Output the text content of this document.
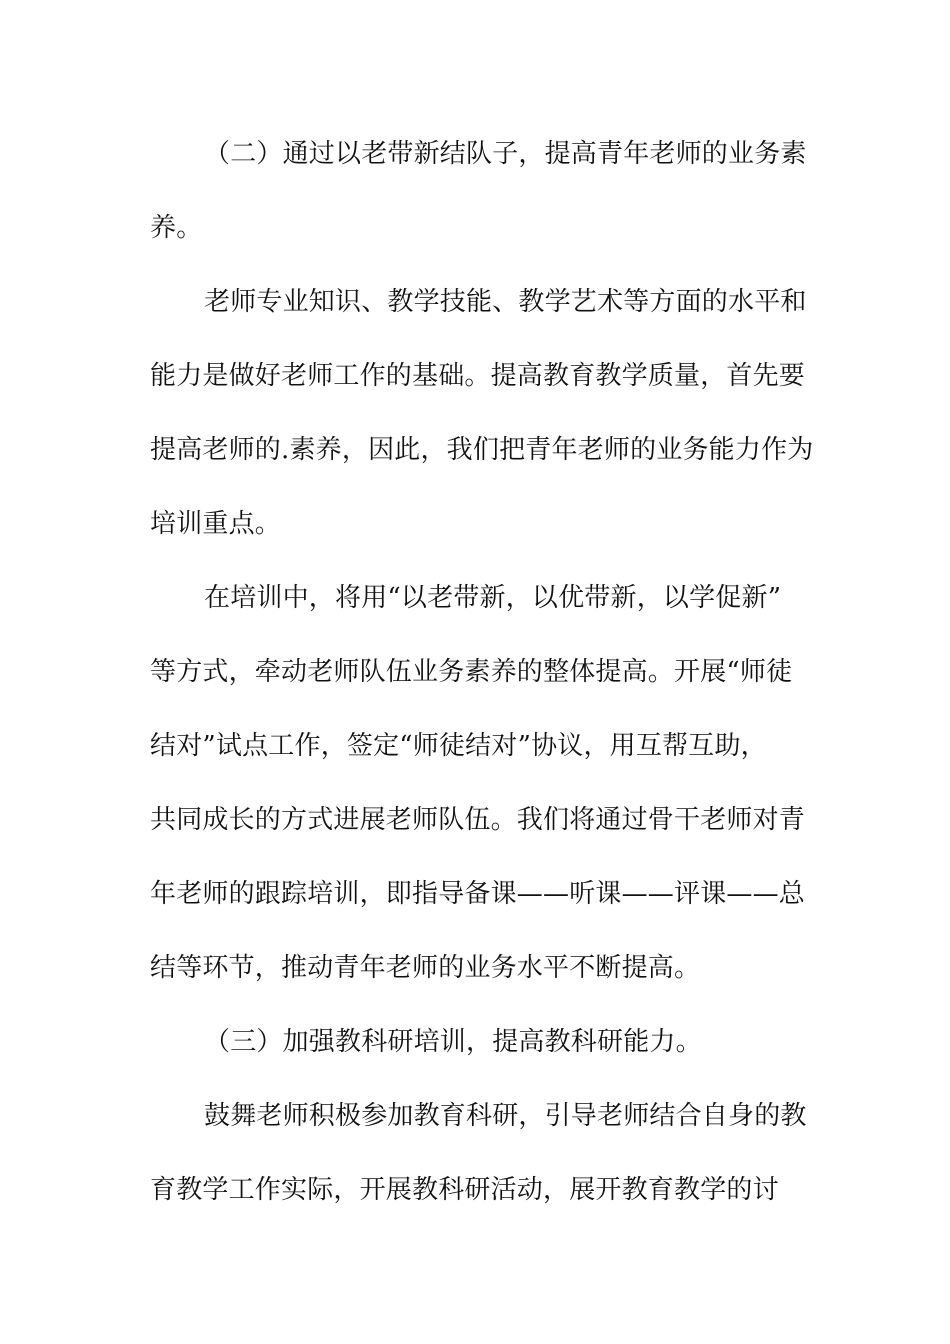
（二）通过以老带新结队子，提高青年老师的业务素
养。
老师专业知识、教学技能、教学艺术等方面的水平和
能力是做好老师工作的基础。提高教育教学质量，首先要
提高老师的.素养，因此，我们把青年老师的业务能力作为
培训重点。
在培训中，将用“以老带新，以优带新，以学促新”
等方式，牵动老师队伍业务素养的整体提高。开展“师徒
结对”试点工作，签定“师徒结对”协议，用互帮互助，
共同成长的方式进展老师队伍。我们将通过骨干老师对青
年老师的跟踪培训，即指导备课——听课——评课——总
结等环节，推动青年老师的业务水平不断提高。
（三）加强教科研培训，提高教科研能力。
鼓舞老师积极参加教育科研，引导老师结合自身的教
育教学工作实际，开展教科研活动，展开教育教学的讨
